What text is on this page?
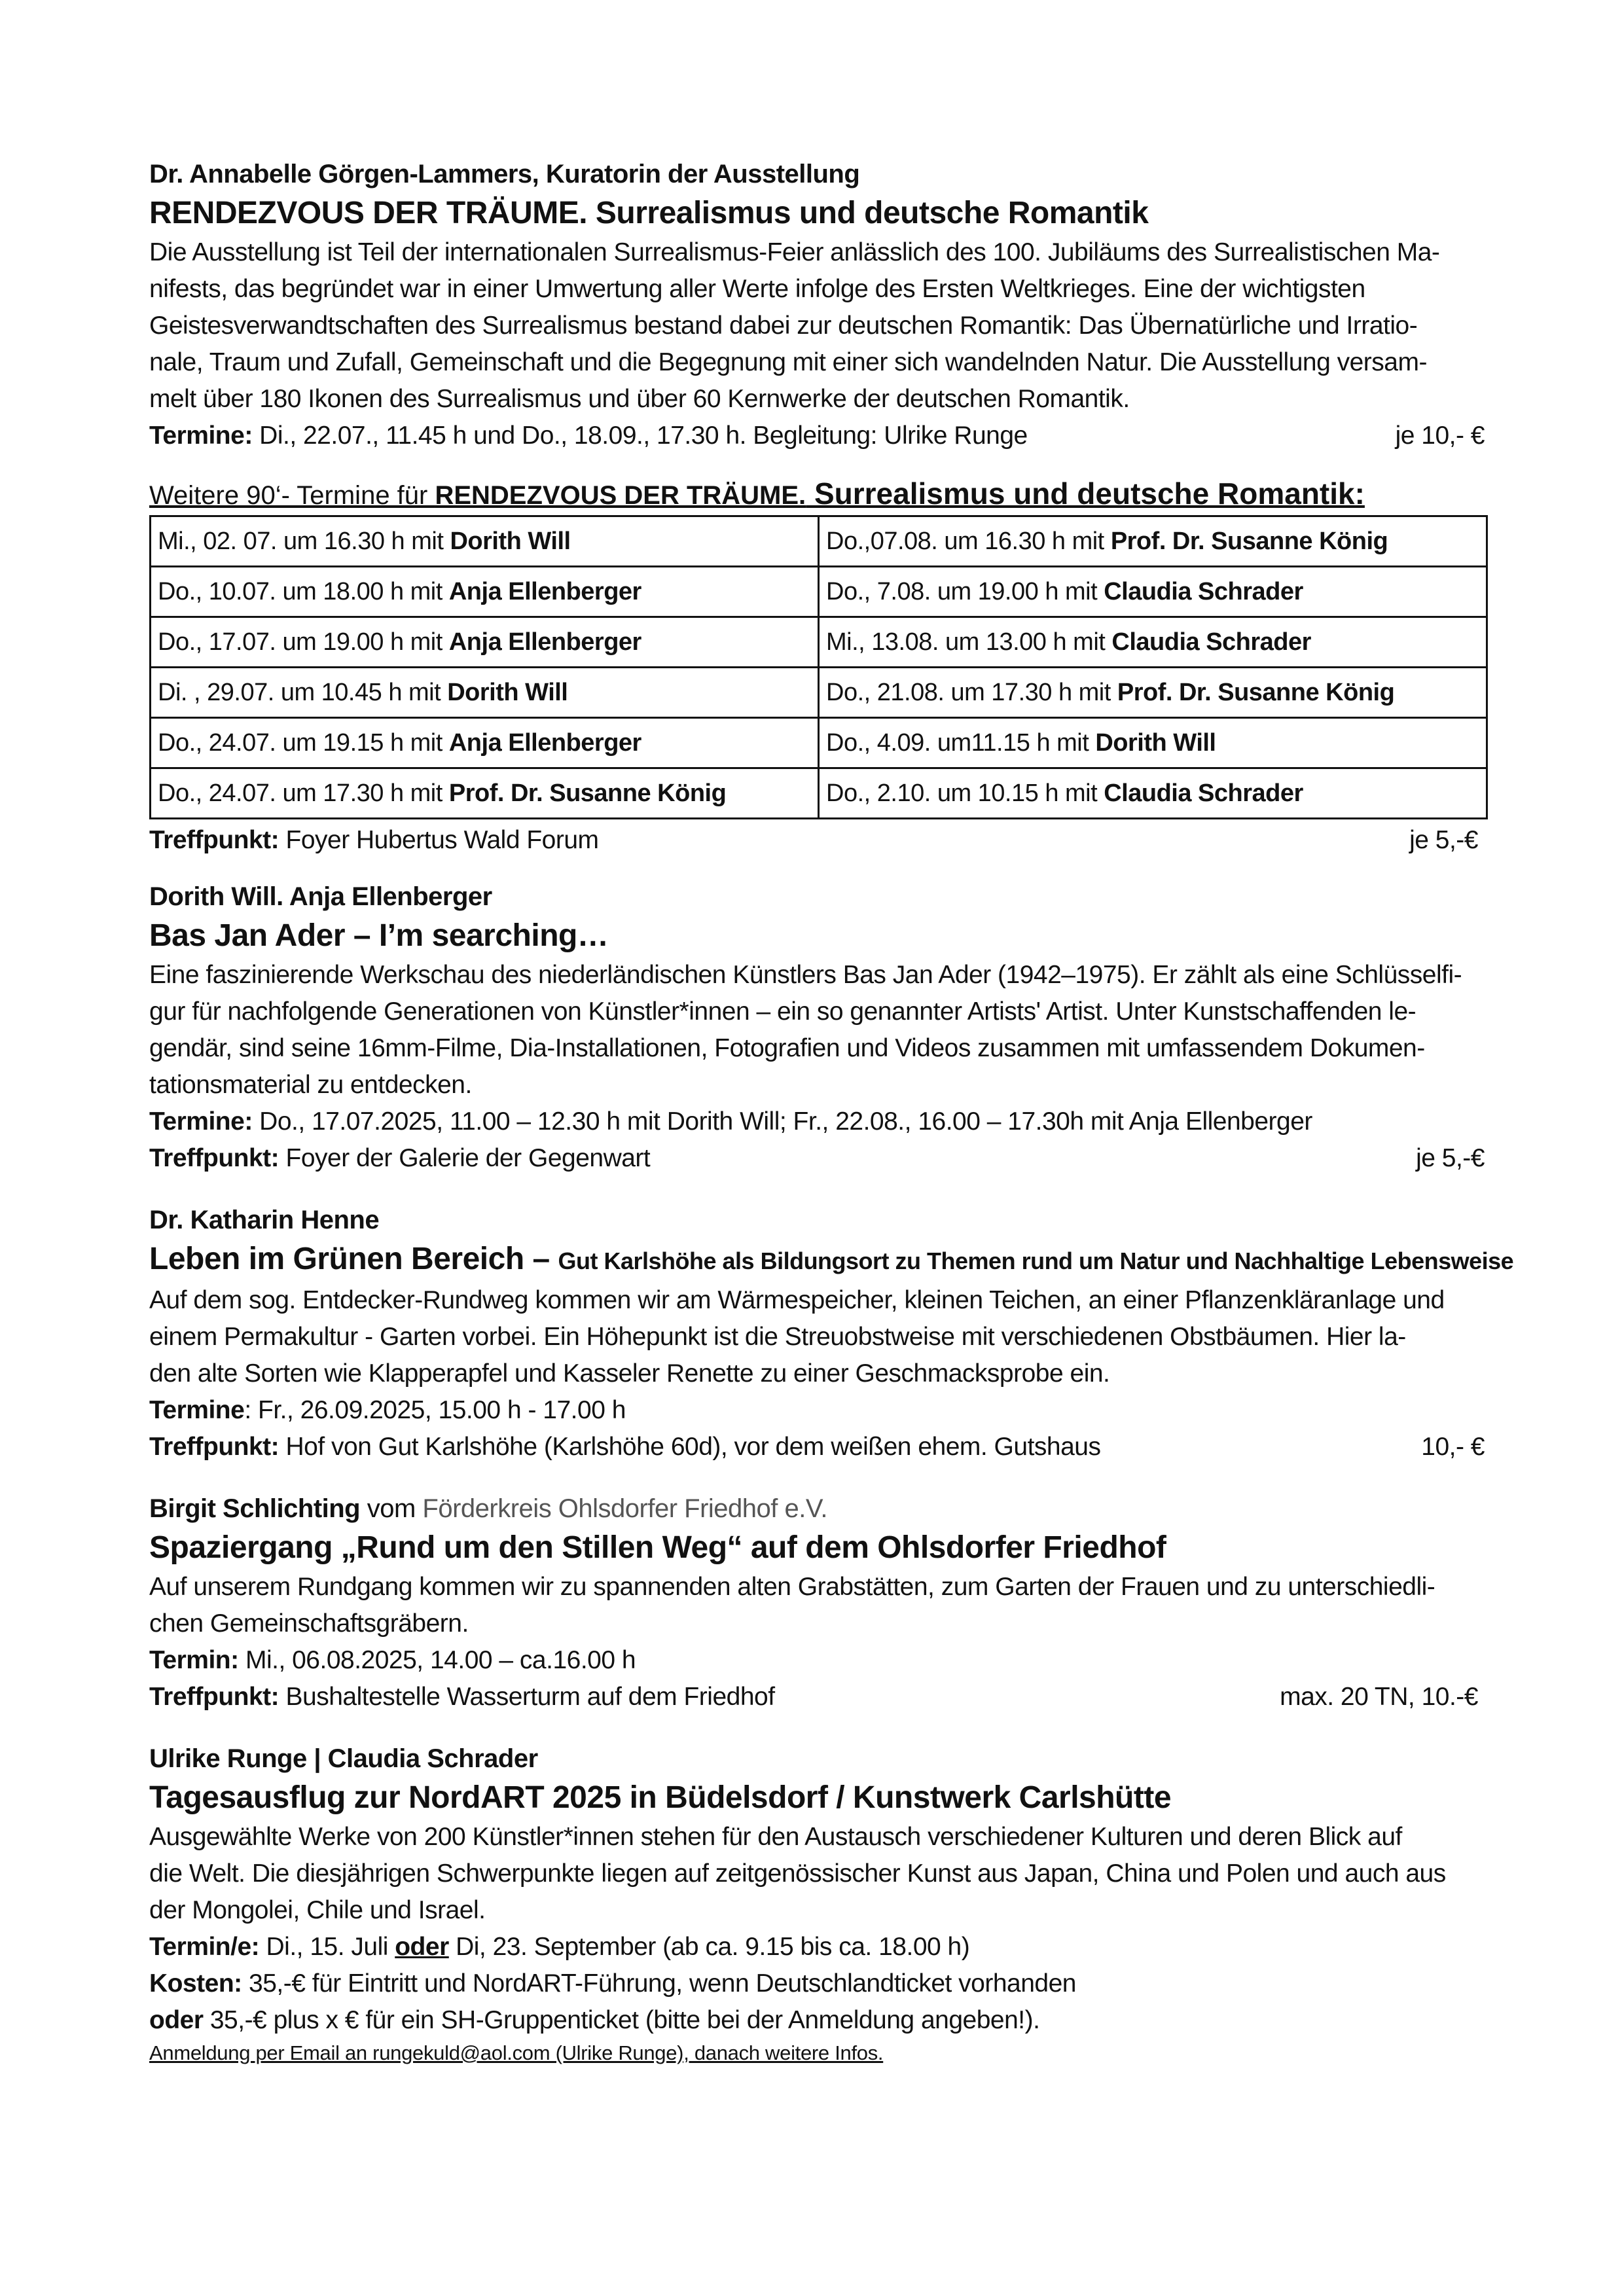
Dr. Annabelle Görgen-Lammers, Kuratorin der Ausstellung
RENDEZVOUS DER TRÄUME. Surrealismus und deutsche Romantik
Die Ausstellung ist Teil der internationalen Surrealismus-Feier anlässlich des 100. Jubiläums des Surrealistischen Ma-
nifests, das begründet war in einer Umwertung aller Werte infolge des Ersten Weltkrieges. Eine der wichtigsten
Geistesverwandtschaften des Surrealismus bestand dabei zur deutschen Romantik: Das Übernatürliche und Irratio-
nale, Traum und Zufall, Gemeinschaft und die Begegnung mit einer sich wandelnden Natur. Die Ausstellung versam-
melt über 180 Ikonen des Surrealismus und über 60 Kernwerke der deutschen Romantik.
Termine: Di., 22.07., 11.45 h und Do., 18.09., 17.30 h. Begleitung: Ulrike Runge	je 10,- €
Weitere 90‘- Termine für RENDEZVOUS DER TRÄUME. Surrealismus und deutsche Romantik:
Mi., 02. 07. um 16.30 h mit Dorith Will	Do.,07.08. um 16.30 h mit Prof. Dr. Susanne König
Do., 10.07. um 18.00 h mit Anja Ellenberger	Do., 7.08. um 19.00 h mit Claudia Schrader
Do., 17.07. um 19.00 h mit Anja Ellenberger	Mi., 13.08. um 13.00 h mit Claudia Schrader
Di. , 29.07. um 10.45 h mit Dorith Will	Do., 21.08. um 17.30 h mit Prof. Dr. Susanne König
Do., 24.07. um 19.15 h mit Anja Ellenberger	Do., 4.09. um11.15 h mit Dorith Will
Do., 24.07. um 17.30 h mit Prof. Dr. Susanne König	Do., 2.10. um 10.15 h mit Claudia Schrader
Treffpunkt: Foyer Hubertus Wald Forum	je 5,-€
Dorith Will. Anja Ellenberger
Bas Jan Ader – I’m searching…
Eine faszinierende Werkschau des niederländischen Künstlers Bas Jan Ader (1942–1975). Er zählt als eine Schlüsselfi-
gur für nachfolgende Generationen von Künstler*innen – ein so genannter Artists' Artist. Unter Kunstschaffenden le-
gendär, sind seine 16mm-Filme, Dia-Installationen, Fotografien und Videos zusammen mit umfassendem Dokumen-
tationsmaterial zu entdecken.
Termine: Do., 17.07.2025, 11.00 – 12.30 h mit Dorith Will; Fr., 22.08., 16.00 – 17.30h mit Anja Ellenberger
Treffpunkt: Foyer der Galerie der Gegenwart	je 5,-€
Dr. Katharin Henne
Leben im Grünen Bereich – Gut Karlshöhe als Bildungsort zu Themen rund um Natur und Nachhaltige Lebensweise
Auf dem sog. Entdecker-Rundweg kommen wir am Wärmespeicher, kleinen Teichen, an einer Pflanzenkläranlage und
einem Permakultur - Garten vorbei. Ein Höhepunkt ist die Streuobstweise mit verschiedenen Obstbäumen. Hier la-
den alte Sorten wie Klapperapfel und Kasseler Renette zu einer Geschmacksprobe ein.
Termine: Fr., 26.09.2025, 15.00 h - 17.00 h
Treffpunkt: Hof von Gut Karlshöhe (Karlshöhe 60d), vor dem weißen ehem. Gutshaus	10,- €
Birgit Schlichting vom Förderkreis Ohlsdorfer Friedhof e.V.
Spaziergang „Rund um den Stillen Weg“ auf dem Ohlsdorfer Friedhof
Auf unserem Rundgang kommen wir zu spannenden alten Grabstätten, zum Garten der Frauen und zu unterschiedli-
chen Gemeinschaftsgräbern.
Termin: Mi., 06.08.2025, 14.00 – ca.16.00 h
Treffpunkt: Bushaltestelle Wasserturm auf dem Friedhof	max. 20 TN, 10.-€
Ulrike Runge | Claudia Schrader
Tagesausflug zur NordART 2025 in Büdelsdorf / Kunstwerk Carlshütte
Ausgewählte Werke von 200 Künstler*innen stehen für den Austausch verschiedener Kulturen und deren Blick auf
die Welt. Die diesjährigen Schwerpunkte liegen auf zeitgenössischer Kunst aus Japan, China und Polen und auch aus
der Mongolei, Chile und Israel.
Termin/e: Di., 15. Juli oder Di, 23. September (ab ca. 9.15 bis ca. 18.00 h)
Kosten: 35,-€ für Eintritt und NordART-Führung, wenn Deutschlandticket vorhanden
oder 35,-€ plus x € für ein SH-Gruppenticket (bitte bei der Anmeldung angeben!).
Anmeldung per Email an rungekuld@aol.com (Ulrike Runge), danach weitere Infos.
